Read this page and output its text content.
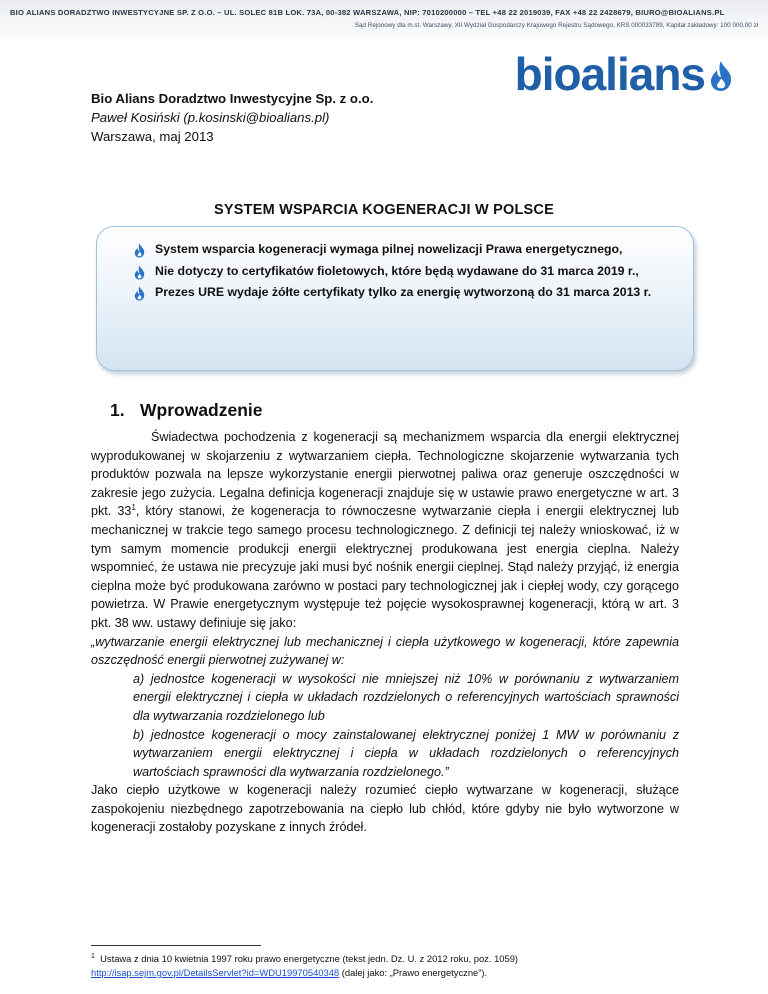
BIO ALIANS DORADZTWO INWESTYCYJNE SP. Z O.O. – UL. SOLEC 81B LOK. 73A, 00-382 WARSZAWA, NIP: 7010200000 – TEL +48 22 2019039, FAX +48 22 2428679, BIURO@BIOALIANS.PL
Sąd Rejonowy dla m.st. Warszawy, XII Wydział Gospodarczy Krajowego Rejestru Sądowego, KRS 000033789, Kapitał zakładowy: 100 000,00 zł
bioalians
Bio Alians Doradztwo Inwestycyjne Sp. z o.o.
Paweł Kosiński (p.kosinski@bioalians.pl)
Warszawa, maj 2013
SYSTEM WSPARCIA KOGENERACJI W POLSCE
System wsparcia kogeneracji wymaga pilnej nowelizacji Prawa energetycznego,
Nie dotyczy to certyfikatów fioletowych, które będą wydawane do 31 marca 2019 r.,
Prezes URE wydaje żółte certyfikaty tylko za energię wytworzoną do 31 marca 2013 r.
1. Wprowadzenie

Świadectwa pochodzenia z kogeneracji są mechanizmem wsparcia dla energii elektrycznej wyprodukowanej w skojarzeniu z wytwarzaniem ciepła. Technologiczne skojarzenie wytwarzania tych produktów pozwala na lepsze wykorzystanie energii pierwotnej paliwa oraz generuje oszczędności w zakresie jego zużycia. Legalna definicja kogeneracji znajduje się w ustawie prawo energetyczne w art. 3 pkt. $33^1$, który stanowi, że kogeneracja to równoczesne wytwarzanie ciepła i energii elektrycznej lub mechanicznej w trakcie tego samego procesu technologicznego. Z definicji tej należy wnioskować, iż w tym samym momencie produkcji energii elektrycznej produkowana jest energia cieplna. Należy wspomnieć, że ustawa nie precyzuje jaki musi być nośnik energii cieplnej. Stąd należy przyjąć, iż energia cieplna może być produkowana zarówno w postaci pary technologicznej jak i ciepłej wody, czy gorącego powietrza. W Prawie energetycznym występuje też pojęcie wysokosprawnej kogeneracji, którą w art. 3 pkt. 38 ww. ustawy definiuje się jako:

„wytwarzanie energii elektrycznej lub mechanicznej i ciepła użytkowego w kogeneracji, które zapewnia oszczędność energii pierwotnej zużywanej w:

a) jednostce kogeneracji w wysokości nie mniejszej niż 10% w porównaniu z wytwarzaniem energii elektrycznej i ciepła w układach rozdzielonych o referencyjnych wartościach sprawności dla wytwarzania rozdzielonego lub

b) jednostce kogeneracji o mocy zainstalowanej elektrycznej poniżej 1 MW w porównaniu z wytwarzaniem energii elektrycznej i ciepła w układach rozdzielonych o referencyjnych wartościach sprawności dla wytwarzania rozdzielonego.”

Jako ciepło użytkowe w kogeneracji należy rozumieć ciepło wytwarzane w kogeneracji, służące zaspokojeniu niezbędnego zapotrzebowania na ciepło lub chłód, które gdyby nie było wytworzone w kogeneracji zostałoby pozyskane z innych źródeł.

$^1$ Ustawa z dnia 10 kwietnia 1997 roku prawo energetyczne (tekst jedn. Dz. U. z 2012 roku, poz. 1059)
http://isap.sejm.gov.pl/DetailsServlet?id=WDU19970540348 (dalej jako: „Prawo energetyczne”).
